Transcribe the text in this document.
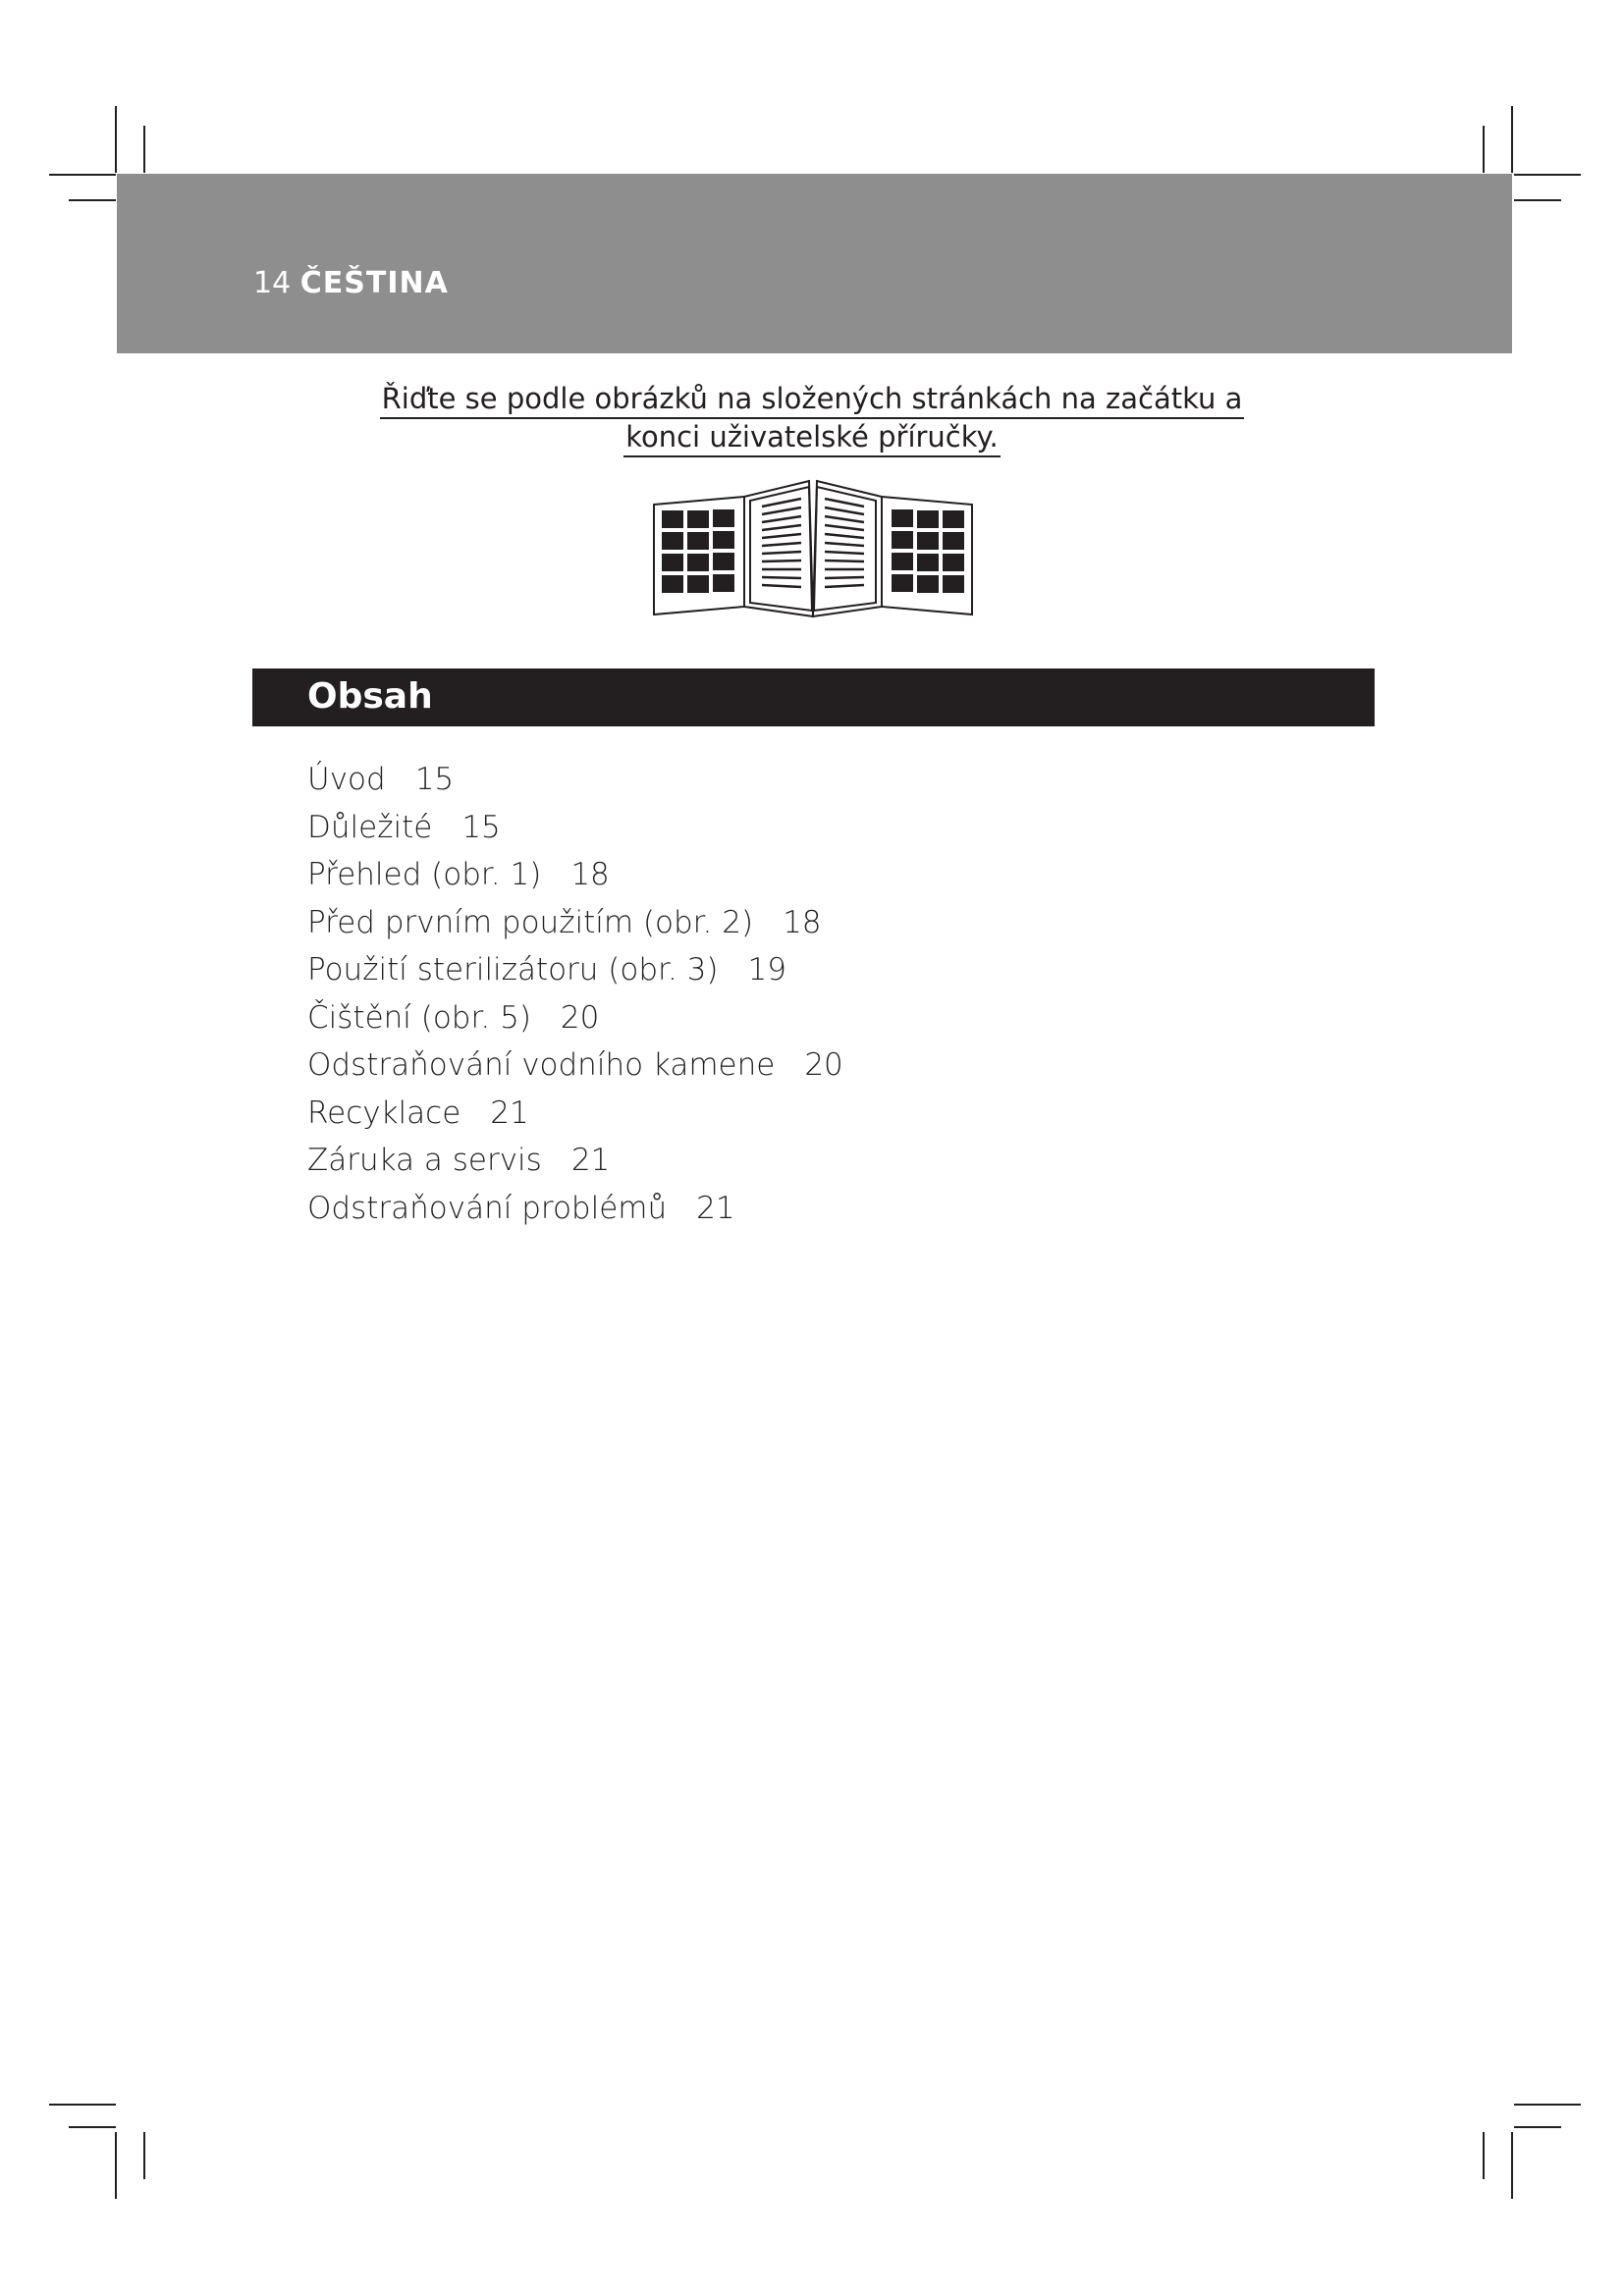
14 ČEŠTINA
Řiďte se podle obrázků na složených stránkách na začátku a
konci uživatelské příručky.
Obsah
Úvod 15
Důležité 15
Přehled (obr. 1) 18
Před prvním použitím (obr. 2) 18
Použití sterilizátoru (obr. 3) 19
Čištění (obr. 5) 20
Odstraňování vodního kamene 20
Recyklace 21
Záruka a servis 21
Odstraňování problémů 21
